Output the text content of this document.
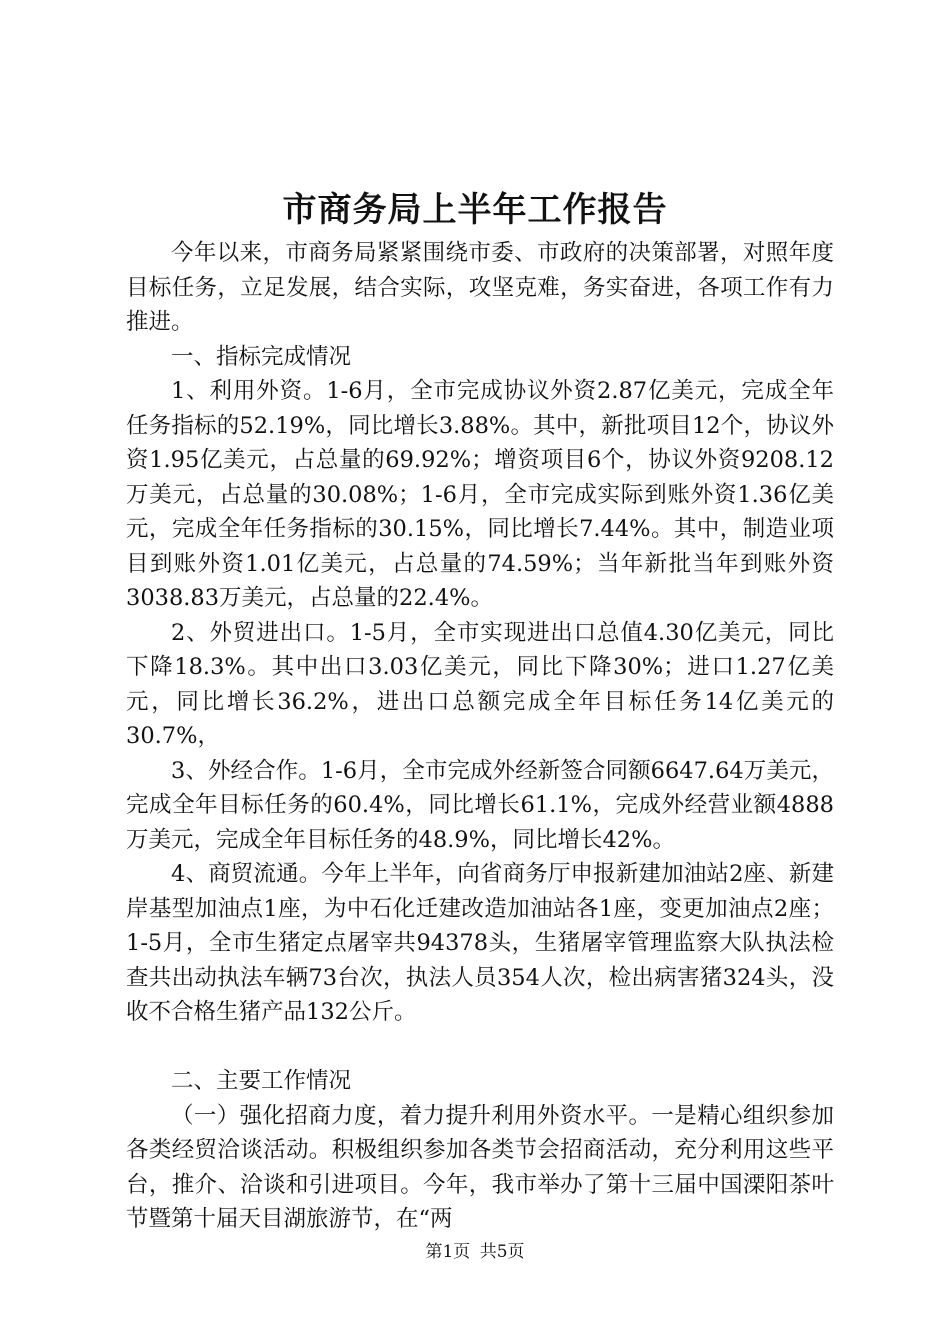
市商务局上半年工作报告

今年以来，市商务局紧紧围绕市委、市政府的决策部署，对照年度目标任务，立足发展，结合实际，攻坚克难，务实奋进，各项工作有力推进。

一、指标完成情况

1、利用外资。1-6月，全市完成协议外资2.87亿美元，完成全年任务指标的52.19%，同比增长3.88%。其中，新批项目12个，协议外资1.95亿美元，占总量的69.92%；增资项目6个，协议外资9208.12万美元，占总量的30.08%；1-6月，全市完成实际到账外资1.36亿美元，完成全年任务指标的30.15%，同比增长7.44%。其中，制造业项目到账外资1.01亿美元，占总量的74.59%；当年新批当年到账外资3038.83万美元，占总量的22.4%。

2、外贸进出口。1-5月，全市实现进出口总值4.30亿美元，同比下降18.3%。其中出口3.03亿美元，同比下降30%；进口1.27亿美元，同比增长36.2%，进出口总额完成全年目标任务14亿美元的30.7%，

3、外经合作。1-6月，全市完成外经新签合同额6647.64万美元，完成全年目标任务的60.4%，同比增长61.1%，完成外经营业额4888万美元，完成全年目标任务的48.9%，同比增长42%。

4、商贸流通。今年上半年，向省商务厅申报新建加油站2座、新建岸基型加油点1座，为中石化迁建改造加油站各1座，变更加油点2座；1-5月，全市生猪定点屠宰共94378头，生猪屠宰管理监察大队执法检查共出动执法车辆73台次，执法人员354人次，检出病害猪324头，没收不合格生猪产品132公斤。

二、主要工作情况

（一）强化招商力度，着力提升利用外资水平。一是精心组织参加各类经贸洽谈活动。积极组织参加各类节会招商活动，充分利用这些平台，推介、洽谈和引进项目。今年，我市举办了第十三届中国溧阳茶叶节暨第十届天目湖旅游节，在“两

第1页 共5页
